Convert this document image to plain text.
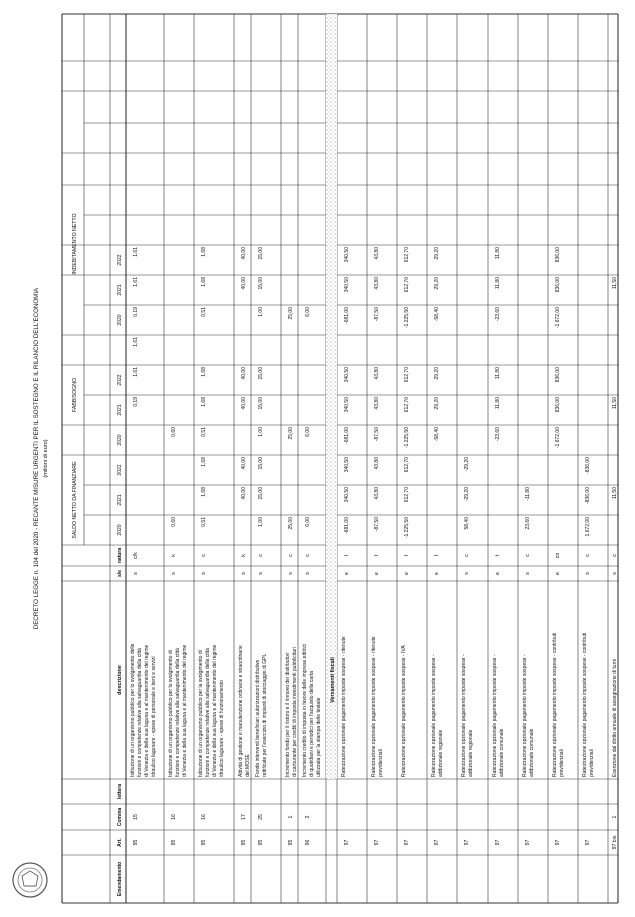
DECRETO LEGGE n. 104 del 2020 - RECANTE MISURE URGENTI PER IL SOSTEGNO E IL RILANCIO DELL'ECONOMIA (milioni di euro)
Emendamento
Art.
Comma
lettera
s/e
natura
descrizione
SALDO NETTO DA FINANZIARE
FABBISOGNO
INDEBITAMENTO NETTO
2020
2021
2022
2020
2021
2022
2020
2021
2022
95
15
Istituzione di un organismo pubblico per lo svolgimento delle funzioni e competenze relative alla salvaguardia della città di Venezia e della sua laguna e al mantenimento del regime idraulico lagunare - spese di personale e beni e servizi
s
c/k
0,19
1,61
1,61
0,19
1,61
1,61
95
16
Istituzione di un organismo pubblico per lo svolgimento di funzioni e competenze relative alla salvaguardia della città di Venezia e della sua laguna e al mantenimento del regime
s
k
0,60
0,60
95
16
Istituzione di un organismo pubblico per la svolgimento di funzioni e competenze relative alla salvaguardia della città di Venezia e della sua laguna e al mantenimento del regime idraulico lagunare - spese di funzionamento
s
c
0,51
1,68
1,68
0,51
1,68
1,68
0,51
1,68
1,68
95
17
Attività di gestione e manutenzione ordinarie e straordinarie del MOSE
s
k
40,00
40,00
40,00
40,00
40,00
40,00
95
25
Fondo interventi beneficiari autorizzazioni distributive rettificate per l'esercizio di impianti di stoccaggio di GPL
s
c
1,00
15,00
15,00
1,00
15,00
15,00
1,00
15,00
15,00
95
1
Incremento fondo per il ristoro e il rinnovo dei distributori di carburante per crediti di imposta investimenti pubblicitari
s
c
25,00
25,00
25,00
96
2
Incremento credito di imposta in favore delle imprese editrici di quotidiani e periodici per l'acquisto della carta utilizzata per la stampa delle testate
s
c
6,00
6,00
6,00
Versamenti fiscali
97
Rateizzazione opzionale pagamento imposte sospese - ritenute
e
t
-681,00
340,50
340,50
-681,00
340,50
340,50
-681,00
340,50
340,50
97
Rateizzazione opzionale pagamento imposte sospese - ritenute previdenziali
e
t
-87,50
43,80
43,80
-87,50
43,80
43,80
-87,50
43,80
43,80
97
Rateizzazione opzionale pagamento imposte sospese - IVA
e
t
-1.225,50
612,70
612,70
-1.225,50
612,70
612,70
-1.225,50
612,70
612,70
97
Rateizzazione opzionale pagamento imposte sospese - addizionale regionale
e
t
-58,40
29,20
29,20
-58,40
29,20
29,20
97
Rateizzazione opzionale pagamento imposte sospese - addizionale regionale
s
c
58,40
-29,20
-29,20
97
Rateizzazione opzionale pagamento imposte sospese - addizionale comunale
e
t
-23,60
11,80
11,80
-23,60
11,80
11,80
97
Rateizzazione opzionale pagamento imposte sospese - addizionale comunale
s
c
23,60
-11,80
97
Rateizzazione opzionale pagamento imposte sospese - contributi previdenziali
e
co
-1.672,00
836,00
836,00
-1.672,00
836,00
836,00
97
Rateizzazione opzionale pagamento imposte sospese - contributi previdenziali
s
c
1.672,00
-836,00
-836,00
97 bis
1
Esenzione dal diritto annuale di assegnazione di turni
s
c
11,50
11,50
11,50
